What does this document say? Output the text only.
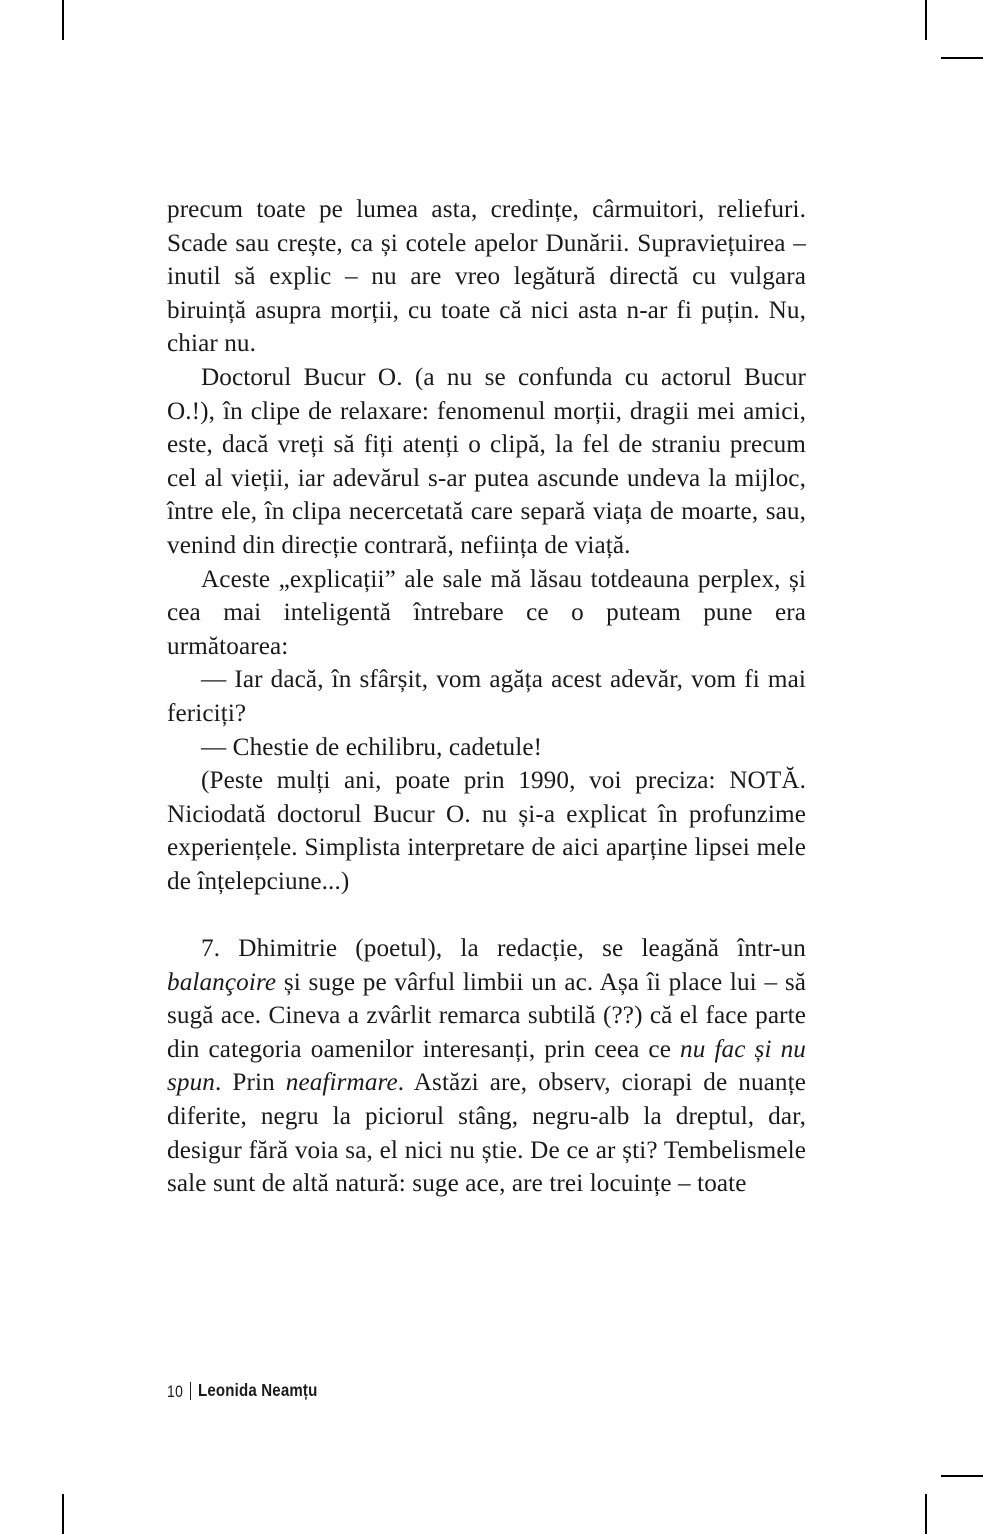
precum toate pe lumea asta, credințe, cârmuitori, reliefuri. Scade sau crește, ca și cotele apelor Dunării. Supraviețuirea – inutil să explic – nu are vreo legătură directă cu vulgara biruință asupra morții, cu toate că nici asta n-ar fi puțin. Nu, chiar nu.

Doctorul Bucur O. (a nu se confunda cu actorul Bucur O.!), în clipe de relaxare: fenomenul morții, dragii mei amici, este, dacă vreți să fiți atenți o clipă, la fel de straniu precum cel al vieții, iar adevărul s-ar putea ascunde undeva la mijloc, între ele, în clipa necercetată care separă viața de moarte, sau, venind din direcție contrară, neființa de viață.

Aceste „explicații” ale sale mă lăsau totdeauna perplex, și cea mai inteligentă întrebare ce o puteam pune era următoarea:

— Iar dacă, în sfârșit, vom agăța acest adevăr, vom fi mai fericiți?

— Chestie de echilibru, cadetule!

(Peste mulți ani, poate prin 1990, voi preciza: NOTĂ. Niciodată doctorul Bucur O. nu și-a explicat în profunzime experiențele. Simplista interpretare de aici aparține lipsei mele de înțelepciune...)

7. Dhimitrie (poetul), la redacție, se leagănă într-un balançoire și suge pe vârful limbii un ac. Așa îi place lui – să sugă ace. Cineva a zvârlit remarca subtilă (??) că el face parte din categoria oamenilor interesanți, prin ceea ce nu fac și nu spun. Prin neafirmare. Astăzi are, observ, ciorapi de nuanțe diferite, negru la piciorul stâng, negru-alb la dreptul, dar, desigur fără voia sa, el nici nu știe. De ce ar ști? Tembelismele sale sunt de altă natură: suge ace, are trei locuințe – toate

10 Leonida Neamțu
